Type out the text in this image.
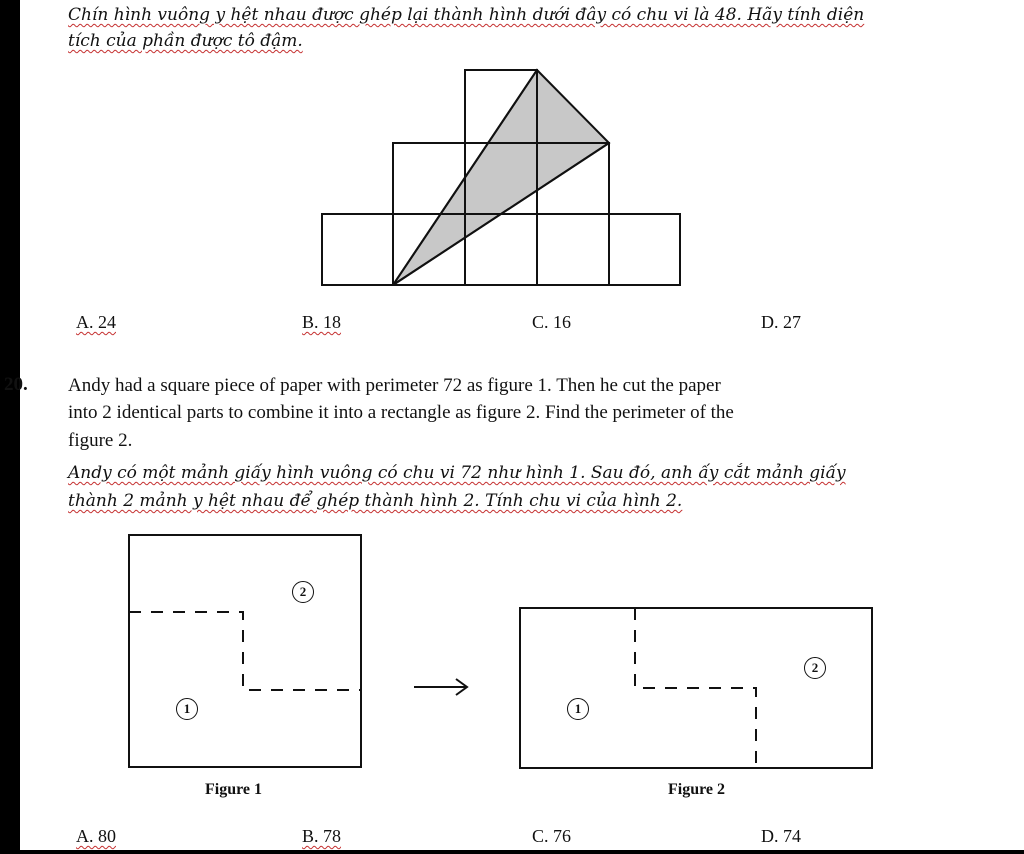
Chín hình vuông y hệt nhau được ghép lại thành hình dưới đây có chu vi là 48. Hãy tính diện
tích của phần được tô đậm.
A. 24	B. 18	C. 16	D. 27
20. Andy had a square piece of paper with perimeter 72 as figure 1. Then he cut the paper
into 2 identical parts to combine it into a rectangle as figure 2. Find the perimeter of the
figure 2.
Andy có một mảnh giấy hình vuông có chu vi 72 như hình 1. Sau đó, anh ấy cắt mảnh giấy
thành 2 mảnh y hệt nhau để ghép thành hình 2. Tính chu vi của hình 2.
2
1
Figure 1
2
1
Figure 2
A. 80	B. 78	C. 76	D. 74
